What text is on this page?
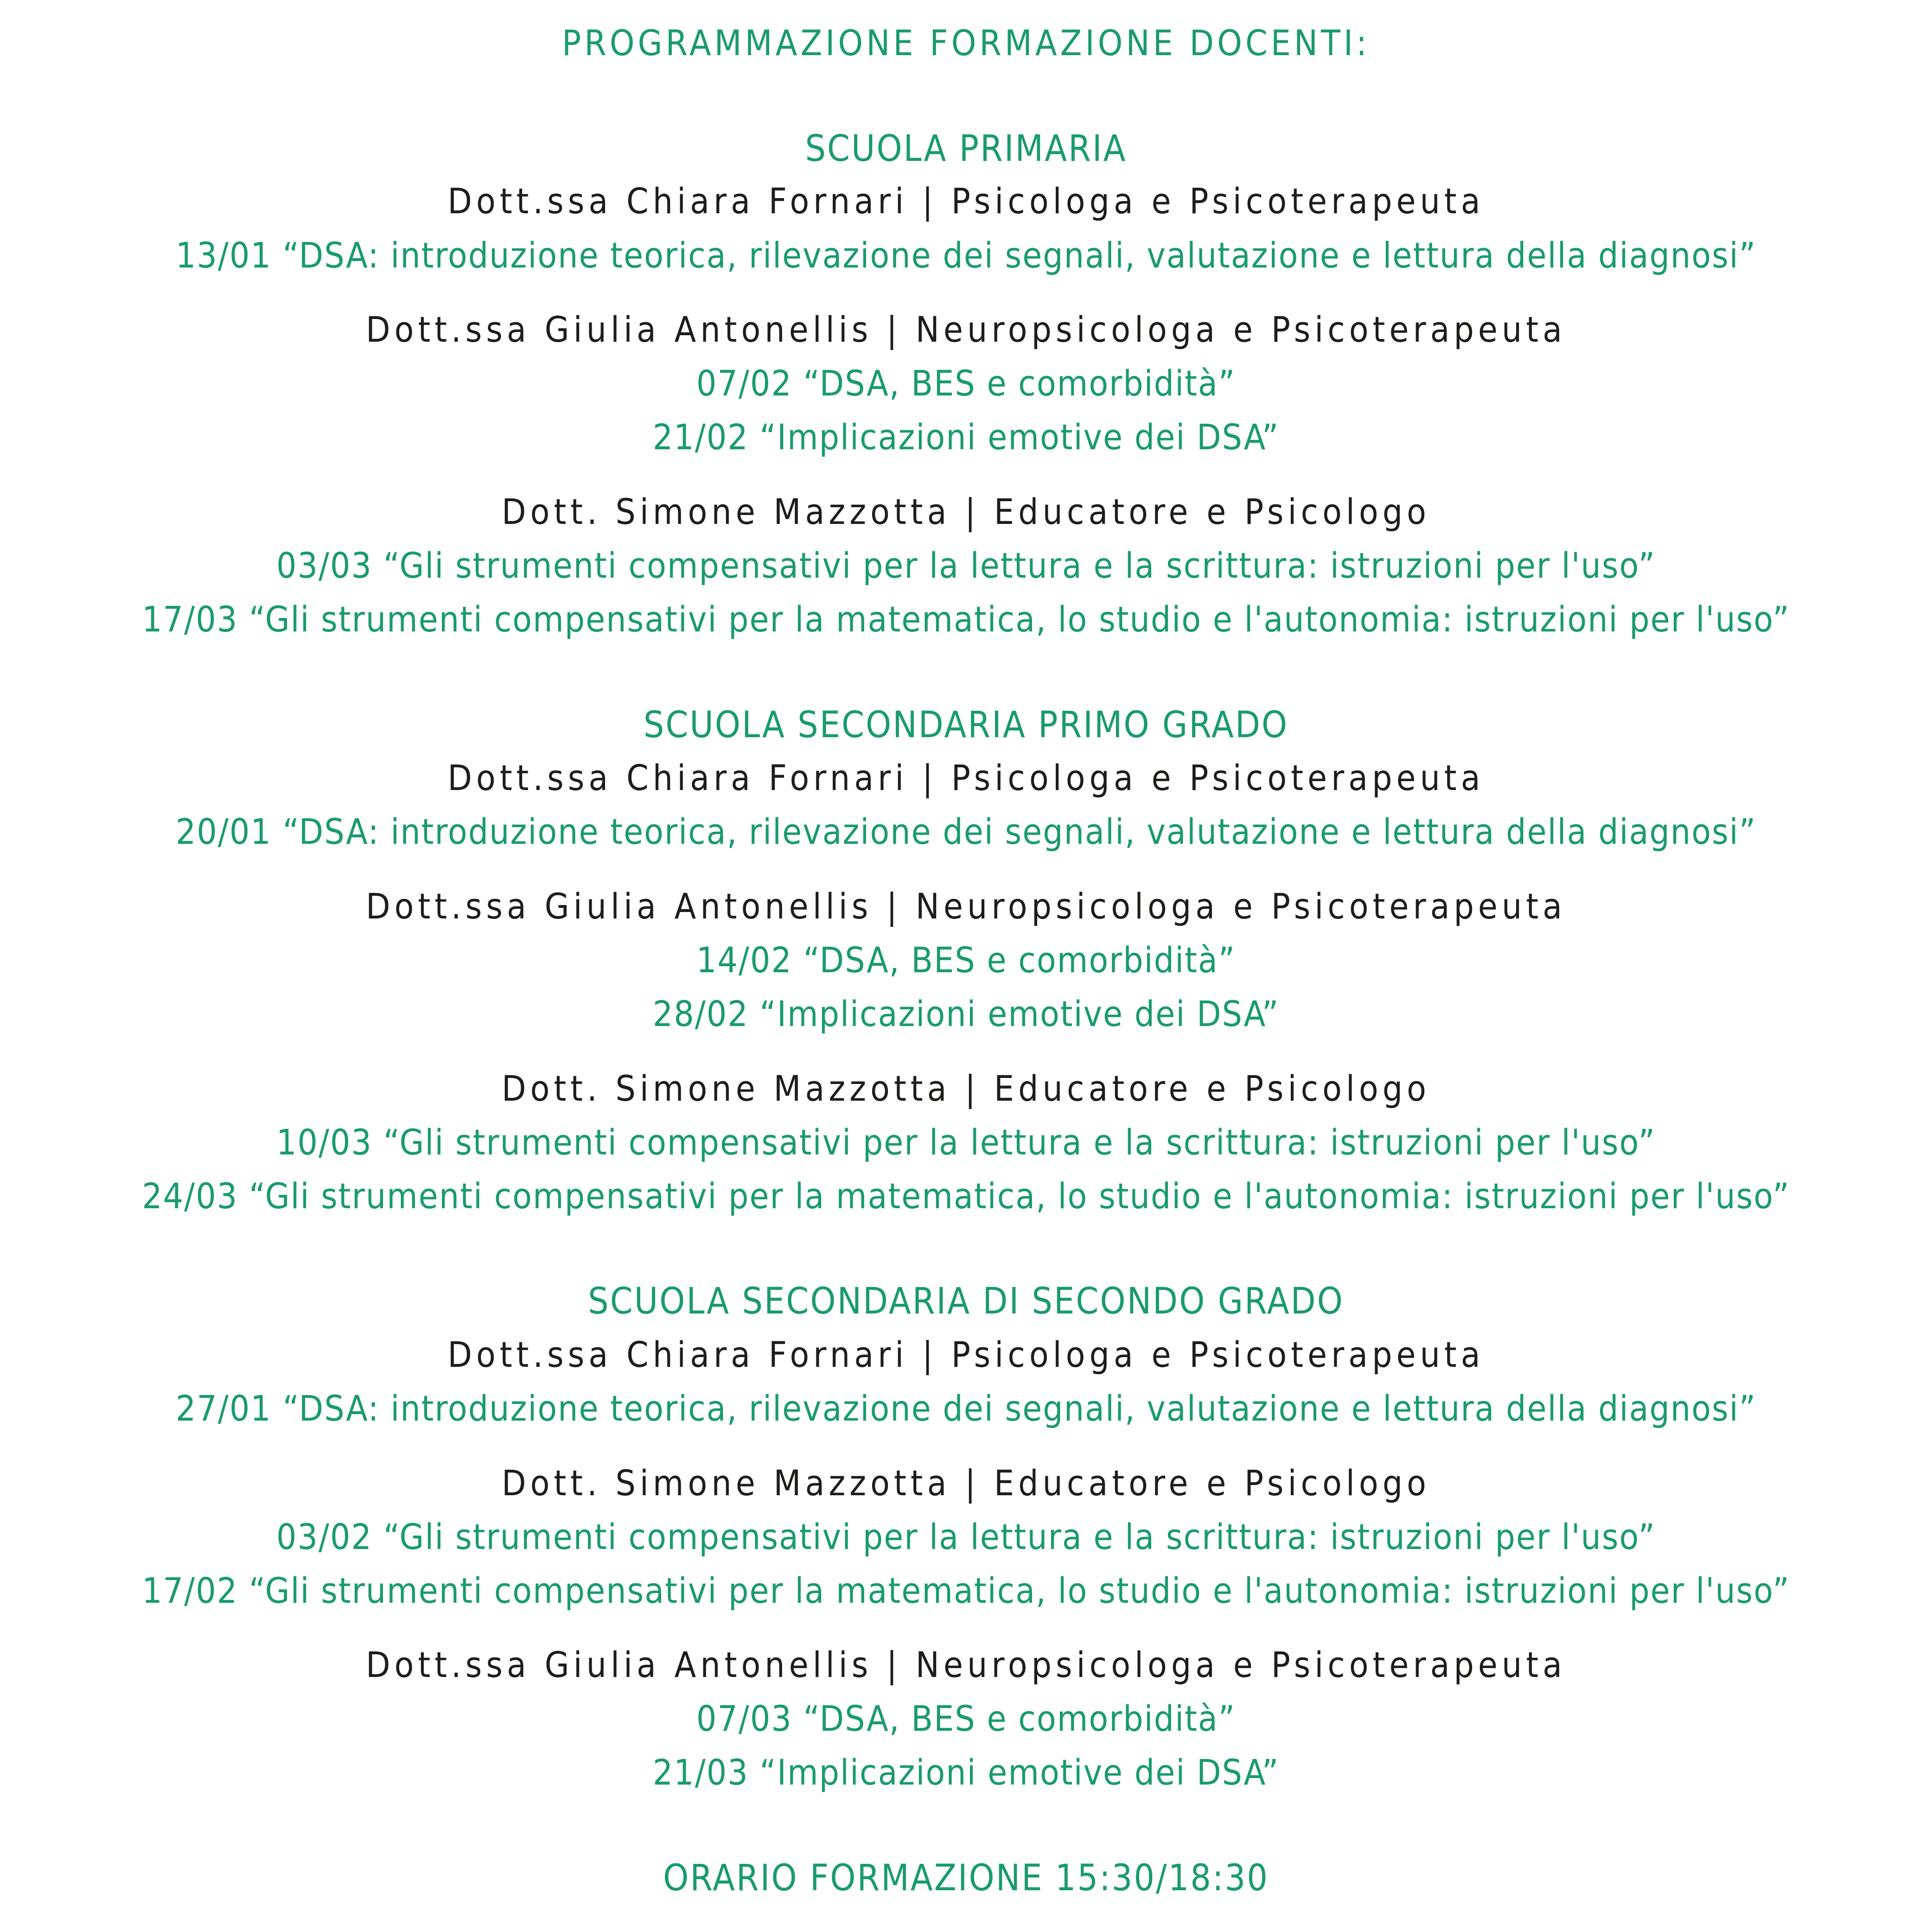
PROGRAMMAZIONE FORMAZIONE DOCENTI:
SCUOLA PRIMARIA
Dott.ssa Chiara Fornari | Psicologa e Psicoterapeuta
13/01 “DSA: introduzione teorica, rilevazione dei segnali, valutazione e lettura della diagnosi”
Dott.ssa Giulia Antonellis | Neuropsicologa e Psicoterapeuta
07/02 “DSA, BES e comorbidità”
21/02 “Implicazioni emotive dei DSA”
Dott. Simone Mazzotta | Educatore e Psicologo
03/03 “Gli strumenti compensativi per la lettura e la scrittura: istruzioni per l'uso”
17/03 “Gli strumenti compensativi per la matematica, lo studio e l'autonomia: istruzioni per l'uso”
SCUOLA SECONDARIA PRIMO GRADO
Dott.ssa Chiara Fornari | Psicologa e Psicoterapeuta
20/01 “DSA: introduzione teorica, rilevazione dei segnali, valutazione e lettura della diagnosi”
Dott.ssa Giulia Antonellis | Neuropsicologa e Psicoterapeuta
14/02 “DSA, BES e comorbidità”
28/02 “Implicazioni emotive dei DSA”
Dott. Simone Mazzotta | Educatore e Psicologo
10/03 “Gli strumenti compensativi per la lettura e la scrittura: istruzioni per l'uso”
24/03 “Gli strumenti compensativi per la matematica, lo studio e l'autonomia: istruzioni per l'uso”
SCUOLA SECONDARIA DI SECONDO GRADO
Dott.ssa Chiara Fornari | Psicologa e Psicoterapeuta
27/01 “DSA: introduzione teorica, rilevazione dei segnali, valutazione e lettura della diagnosi”
Dott. Simone Mazzotta | Educatore e Psicologo
03/02 “Gli strumenti compensativi per la lettura e la scrittura: istruzioni per l'uso”
17/02 “Gli strumenti compensativi per la matematica, lo studio e l'autonomia: istruzioni per l'uso”
Dott.ssa Giulia Antonellis | Neuropsicologa e Psicoterapeuta
07/03 “DSA, BES e comorbidità”
21/03 “Implicazioni emotive dei DSA”
ORARIO FORMAZIONE 15:30/18:30
